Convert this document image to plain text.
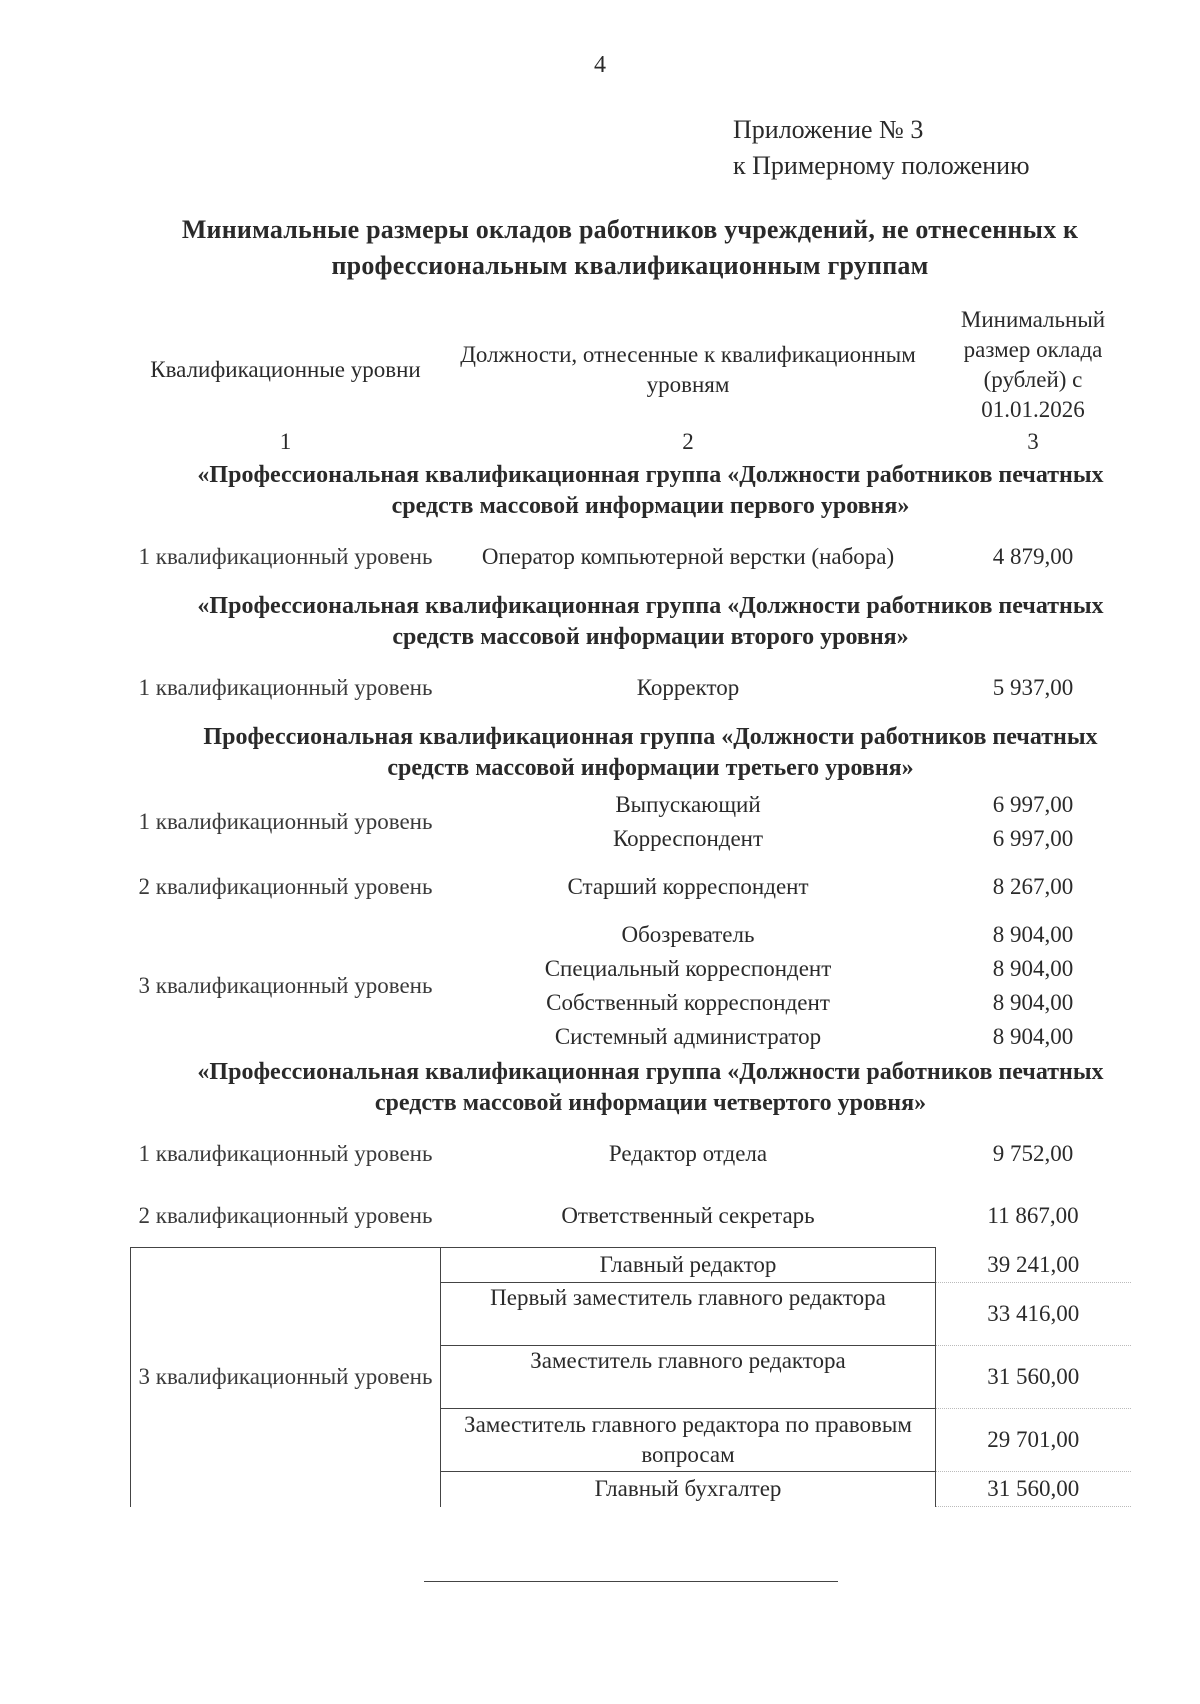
4
Приложение № 3
к Примерному положению
Минимальные размеры окладов работников учреждений, не отнесенных к профессиональным квалификационным группам
Квалификационные уровни	Должности, отнесенные к квалификационным уровням	Минимальный размер оклада (рублей) с 01.01.2026
1	2	3
«Профессиональная квалификационная группа «Должности работников печатных средств массовой информации первого уровня»		
1 квалификационный уровень	Оператор компьютерной верстки (набора)	4 879,00
«Профессиональная квалификационная группа «Должности работников печатных средств массовой информации второго уровня»		
1 квалификационный уровень	Корректор	5 937,00
Профессиональная квалификационная группа «Должности работников печатных средств массовой информации третьего уровня»		
1 квалификационный уровень	Выпускающий	6 997,00
	Корреспондент	6 997,00
2 квалификационный уровень	Старший корреспондент	8 267,00
3 квалификационный уровень	Обозреватель	8 904,00
	Специальный корреспондент	8 904,00
	Собственный корреспондент	8 904,00
	Системный администратор	8 904,00
«Профессиональная квалификационная группа «Должности работников печатных средств массовой информации четвертого уровня»		
1 квалификационный уровень	Редактор отдела	9 752,00
2 квалификационный уровень	Ответственный секретарь	11 867,00
3 квалификационный уровень	Главный редактор	39 241,00
	Первый заместитель главного редактора	33 416,00
	Заместитель главного редактора	31 560,00
	Заместитель главного редактора по правовым вопросам	29 701,00
	Главный бухгалтер	31 560,00
